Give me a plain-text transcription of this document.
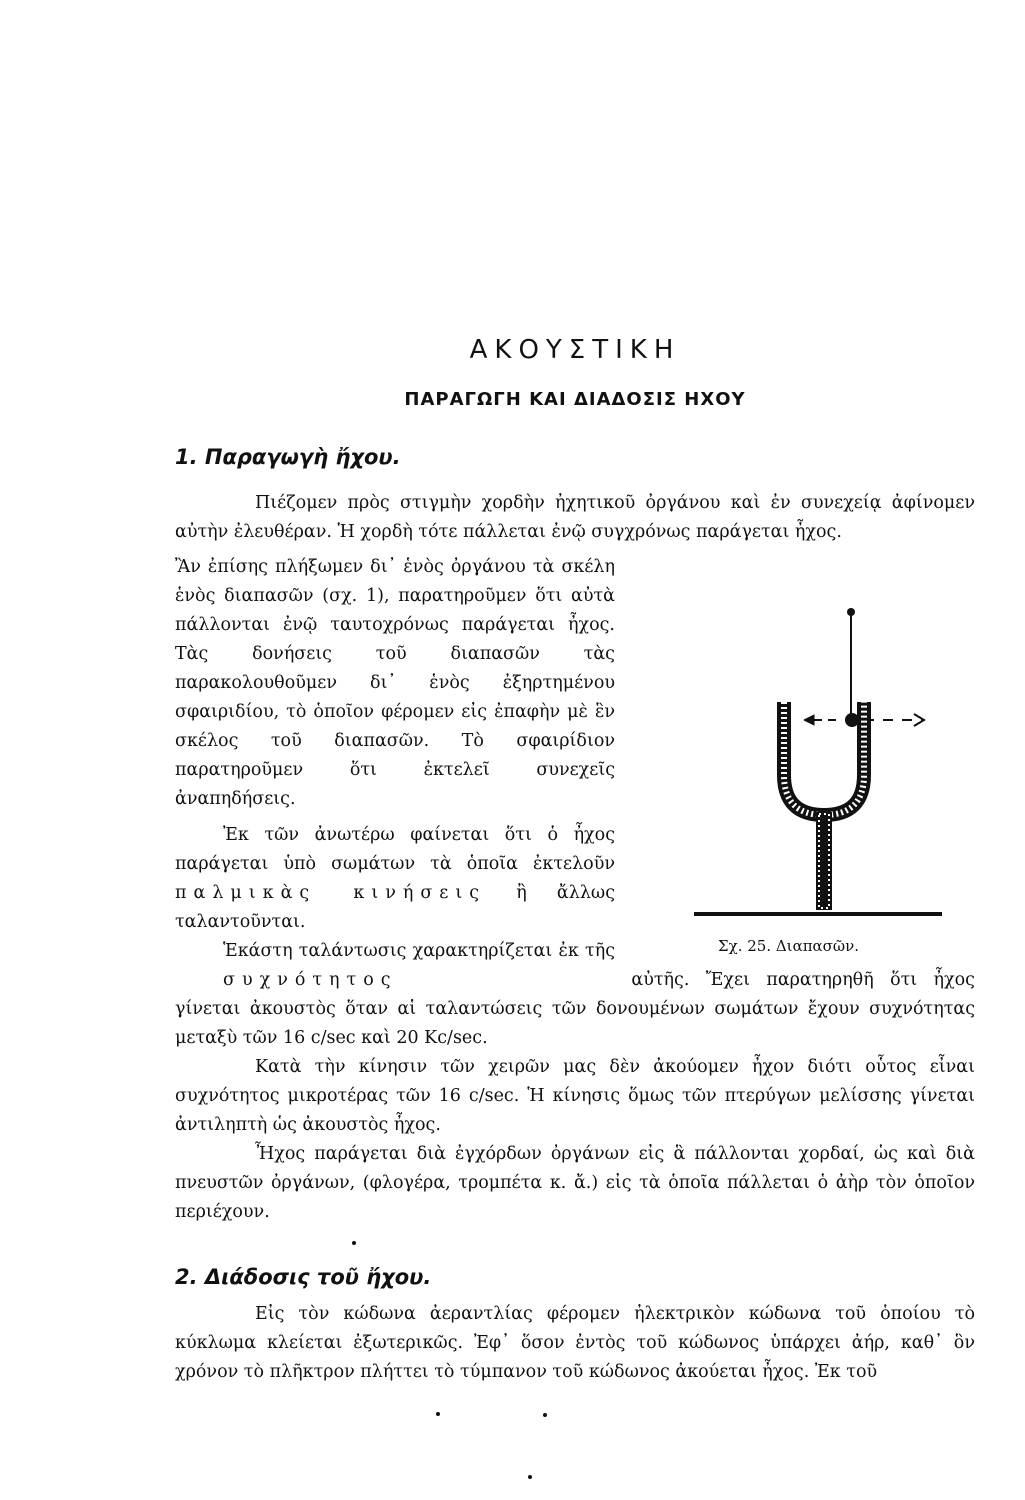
ΑΚΟΥΣΤΙΚΗ
ΠΑΡΑΓΩΓΗ ΚΑΙ ΔΙΑΔΟΣΙΣ ΗΧΟΥ
1. Παραγωγὴ ἤχου.

Πιέζομεν πρὸς στιγμὴν χορδὴν ἠχητικοῦ ὀργάνου καὶ ἐν συνεχείᾳ ἀφίνομεν αὐτὴν ἐλευθέραν. Ἡ χορδὴ τότε πάλλεται ἐνῷ συγχρόνως παράγεται ἦχος.

Ἂν ἐπίσης πλήξωμεν δι᾽ ἑνὸς ὀργάνου τὰ σκέλη ἑνὸς διαπασῶν (σχ. 1), παρατηροῦμεν ὅτι αὐτὰ πάλλονται ἐνῷ ταυτοχρόνως παράγεται ἦχος. Τὰς δονήσεις τοῦ διαπασῶν τὰς παρακολουθοῦμεν δι᾽ ἑνὸς ἐξηρτημένου σφαιριδίου, τὸ ὁποῖον φέρομεν εἰς ἐπαφὴν μὲ ἓν σκέλος τοῦ διαπασῶν. Τὸ σφαιρίδιον παρατηροῦμεν ὅτι ἐκτελεῖ συνεχεῖς ἀναπηδήσεις.

Ἐκ τῶν ἀνωτέρω φαίνεται ὅτι ὁ ἦχος παράγεται ὑπὸ σωμάτων τὰ ὁποῖα ἐκτελοῦν παλμικὰς κινήσεις ἢ ἄλλως ταλαντοῦνται.

Ἑκάστη ταλάντωσις χαρακτηρίζεται ἐκ τῆς συχνότητος	αὐτῆς. Ἔχει παρατηρηθῆ ὅτι ἦχος γίνεται ἀκουστὸς ὅταν αἱ ταλαντώσεις τῶν δονουμένων σωμάτων ἔχουν συχνότητας μεταξὺ τῶν 16 c/sec καὶ 20 Kc/sec.

Κατὰ τὴν κίνησιν τῶν χειρῶν μας δὲν ἀκούομεν ἦχον διότι οὗτος εἶναι συχνότητος μικροτέρας τῶν 16 c/sec. Ἡ κίνησις ὅμως τῶν πτερύγων μελίσσης γίνεται ἀντιληπτὴ ὡς ἀκουστὸς ἦχος.

Ἦχος παράγεται διὰ ἐγχόρδων ὀργάνων εἰς ἃ πάλλονται χορδαί, ὡς καὶ διὰ πνευστῶν ὀργάνων, (φλογέρα, τρομπέτα κ. ἄ.) εἰς τὰ ὁποῖα πάλλεται ὁ ἀὴρ τὸν ὁποῖον περιέχουν.

Σχ. 25. Διαπασῶν.
2. Διάδοσις τοῦ ἤχου.

Εἰς τὸν κώδωνα ἀεραντλίας φέρομεν ἠλεκτρικὸν κώδωνα τοῦ ὁποίου τὸ κύκλωμα κλείεται ἐξωτερικῶς. Ἐφ᾽ ὅσον ἐντὸς τοῦ κώδωνος ὑπάρχει ἀήρ, καθ᾽ ὃν χρόνον τὸ πλῆκτρον πλήττει τὸ τύμπανον τοῦ κώδωνος ἀκούεται ἦχος. Ἐκ τοῦ
